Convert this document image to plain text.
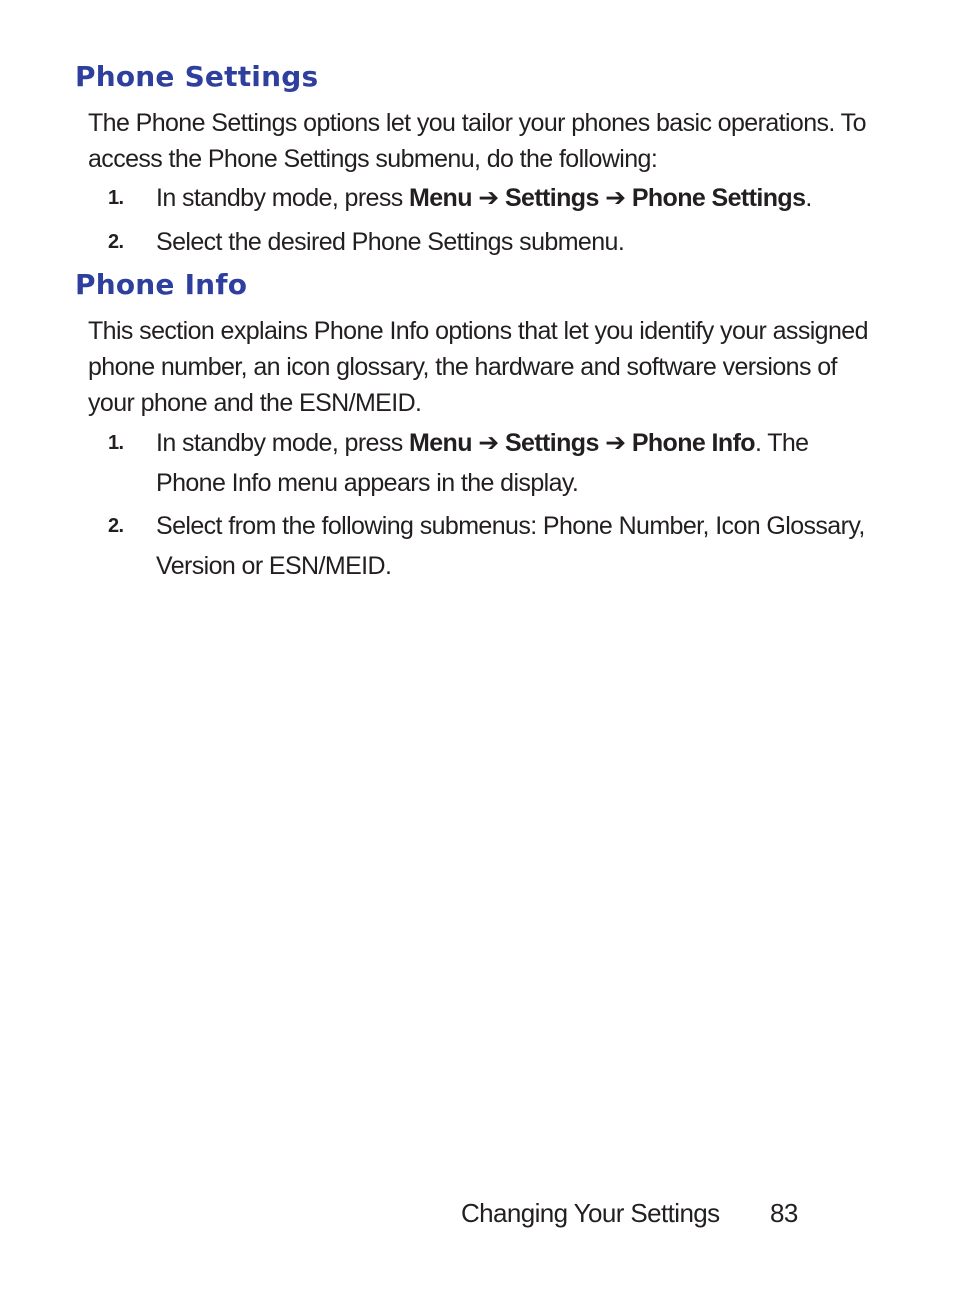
Phone Settings

The Phone Settings options let you tailor your phones basic operations. To access the Phone Settings submenu, do the following:

1. In standby mode, press Menu ➔ Settings ➔ Phone Settings.
2. Select the desired Phone Settings submenu.
Phone Info

This section explains Phone Info options that let you identify your assigned phone number, an icon glossary, the hardware and software versions of your phone and the ESN/MEID.

1. In standby mode, press Menu ➔ Settings ➔ Phone Info. The Phone Info menu appears in the display.
2. Select from the following submenus: Phone Number, Icon Glossary, Version or ESN/MEID.
Changing Your Settings 83
